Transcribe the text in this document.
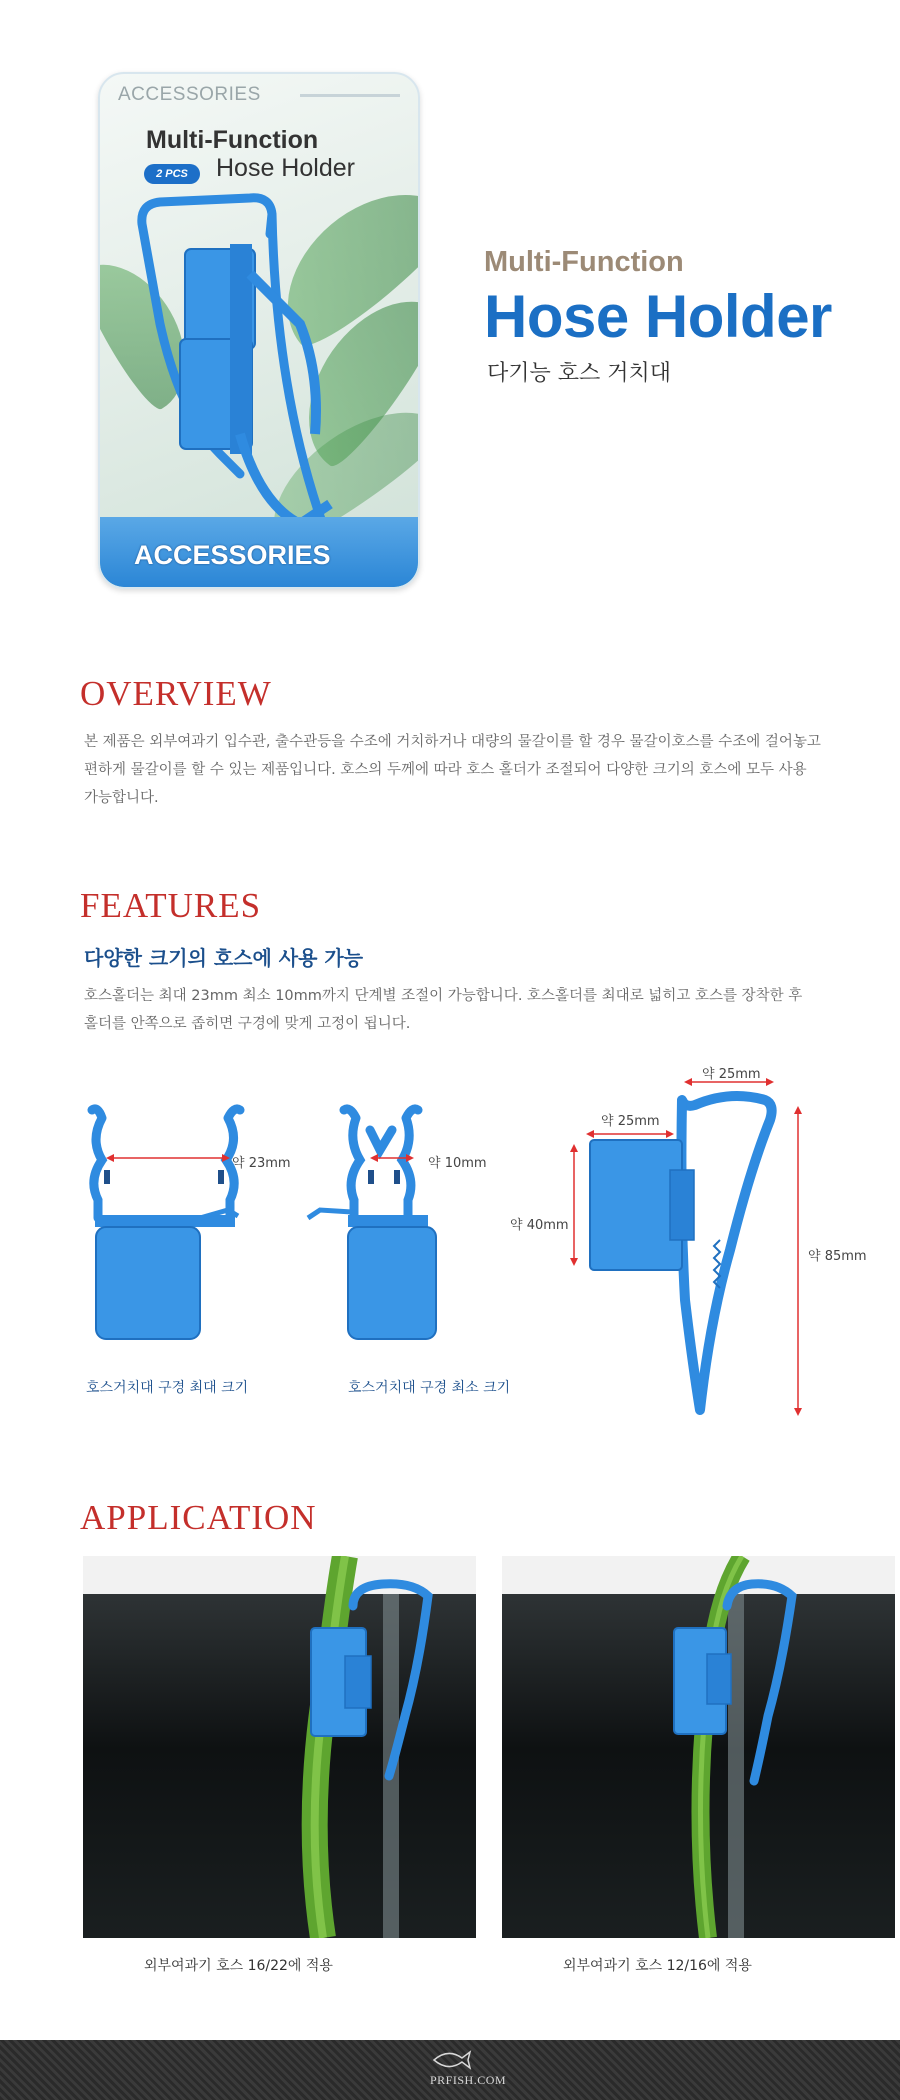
ACCESSORIES
Multi-Function
2 PCS	Hose Holder
ACCESSORIES
Multi-Function
Hose Holder
다기능 호스 거치대
OVERVIEW
본 제품은 외부여과기 입수관, 출수관등을 수조에 거치하거나 대량의 물갈이를 할 경우 물갈이호스를 수조에 걸어놓고
편하게 물갈이를 할 수 있는 제품입니다. 호스의 두께에 따라 호스 홀더가 조절되어 다양한 크기의 호스에 모두 사용
가능합니다.
FEATURES
다양한 크기의 호스에 사용 가능
호스홀더는 최대 23mm 최소 10mm까지 단계별 조절이 가능합니다. 호스홀더를 최대로 넓히고 호스를 장착한 후
홀더를 안쪽으로 좁히면 구경에 맞게 고정이 됩니다.
약 23mm
호스거치대 구경 최대 크기
약 10mm
호스거치대 구경 최소 크기
약 25mm
약 25mm
약 40mm
약 85mm
APPLICATION
외부여과기 호스 16/22에 적용	외부여과기 호스 12/16에 적용
PRFISH.COM
